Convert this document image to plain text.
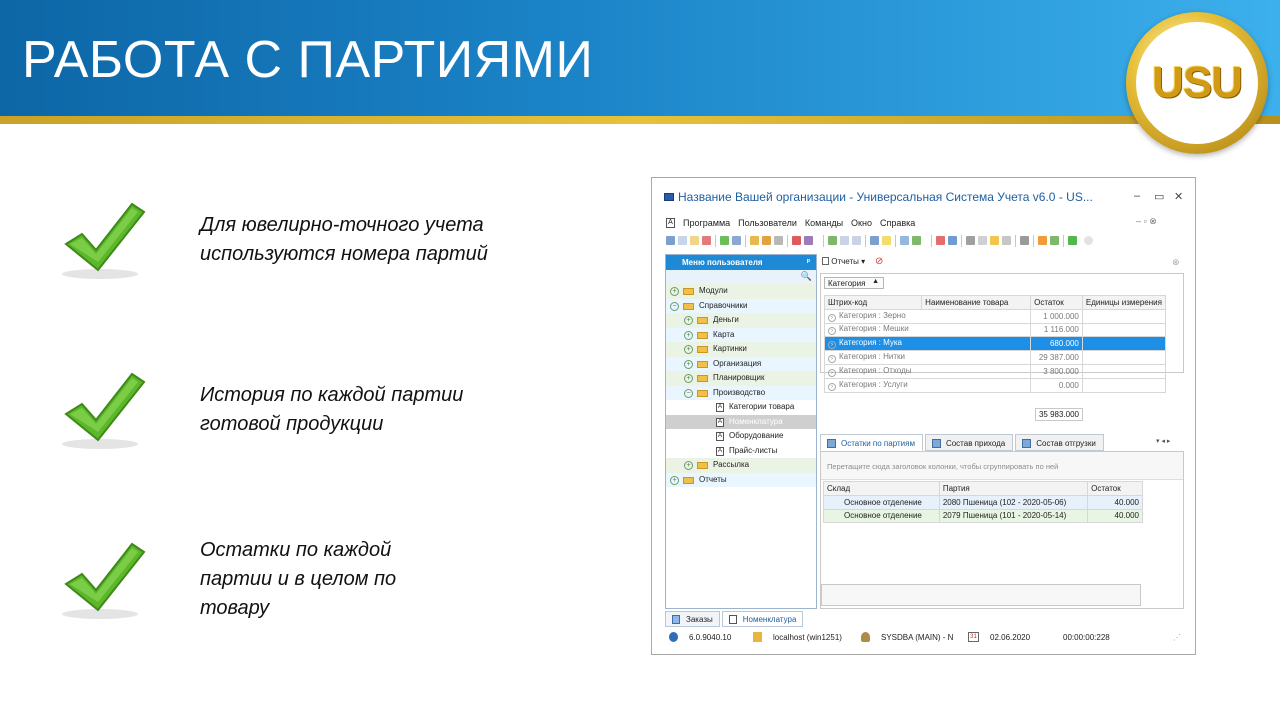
РАБОТА С ПАРТИЯМИ	USU
Для ювелирно-точного учета
используются номера партий
История по каждой партии
готовой продукции
Остатки по каждой
партии и в целом по
товару
Название Вашей организации - Универсальная Система Учета v6.0 - US...	– ▭ ✕
A Программа Пользователи Команды Окно Справка	– ▫ ⊗
Меню пользователя	ᵖ
🔍
+	Модули
−	Справочники
+	Деньги
+	Карта
+	Картинки
+	Организация
+	Планировщик
−	Производство
A Категории товара
A Номенклатура
A Оборудование
A Прайс-листы
+	Рассылка
+	Отчеты
Заказы	Номенклатура
Отчеты ▾ ⊘	⊗
Категория ▲
Штрих-код	Наименование товара	Остаток	Единицы измерения
› Категория : Зерно		1 000.000	
› Категория : Мешки		1 116.000	
› Категория : Мука		680.000	
› Категория : Нитки		29 387.000	
› Категория : Отходы		3 800.000	
› Категория : Услуги		0.000	
35 983.000
Остатки по партиям	Состав прихода	Состав отгрузки	▾ ◂ ▸
Перетащите сюда заголовок колонки, чтобы сгруппировать по ней
Склад	Партия	Остаток
Основное отделение	2080 Пшеница (102 - 2020-05-06)	40.000
Основное отделение	2079 Пшеница (101 - 2020-05-14)	40.000
6.0.9040.10	localhost (win1251)	SYSDBA (MAIN) - N	31 02.06.2020	00:00:00:228	⋰
